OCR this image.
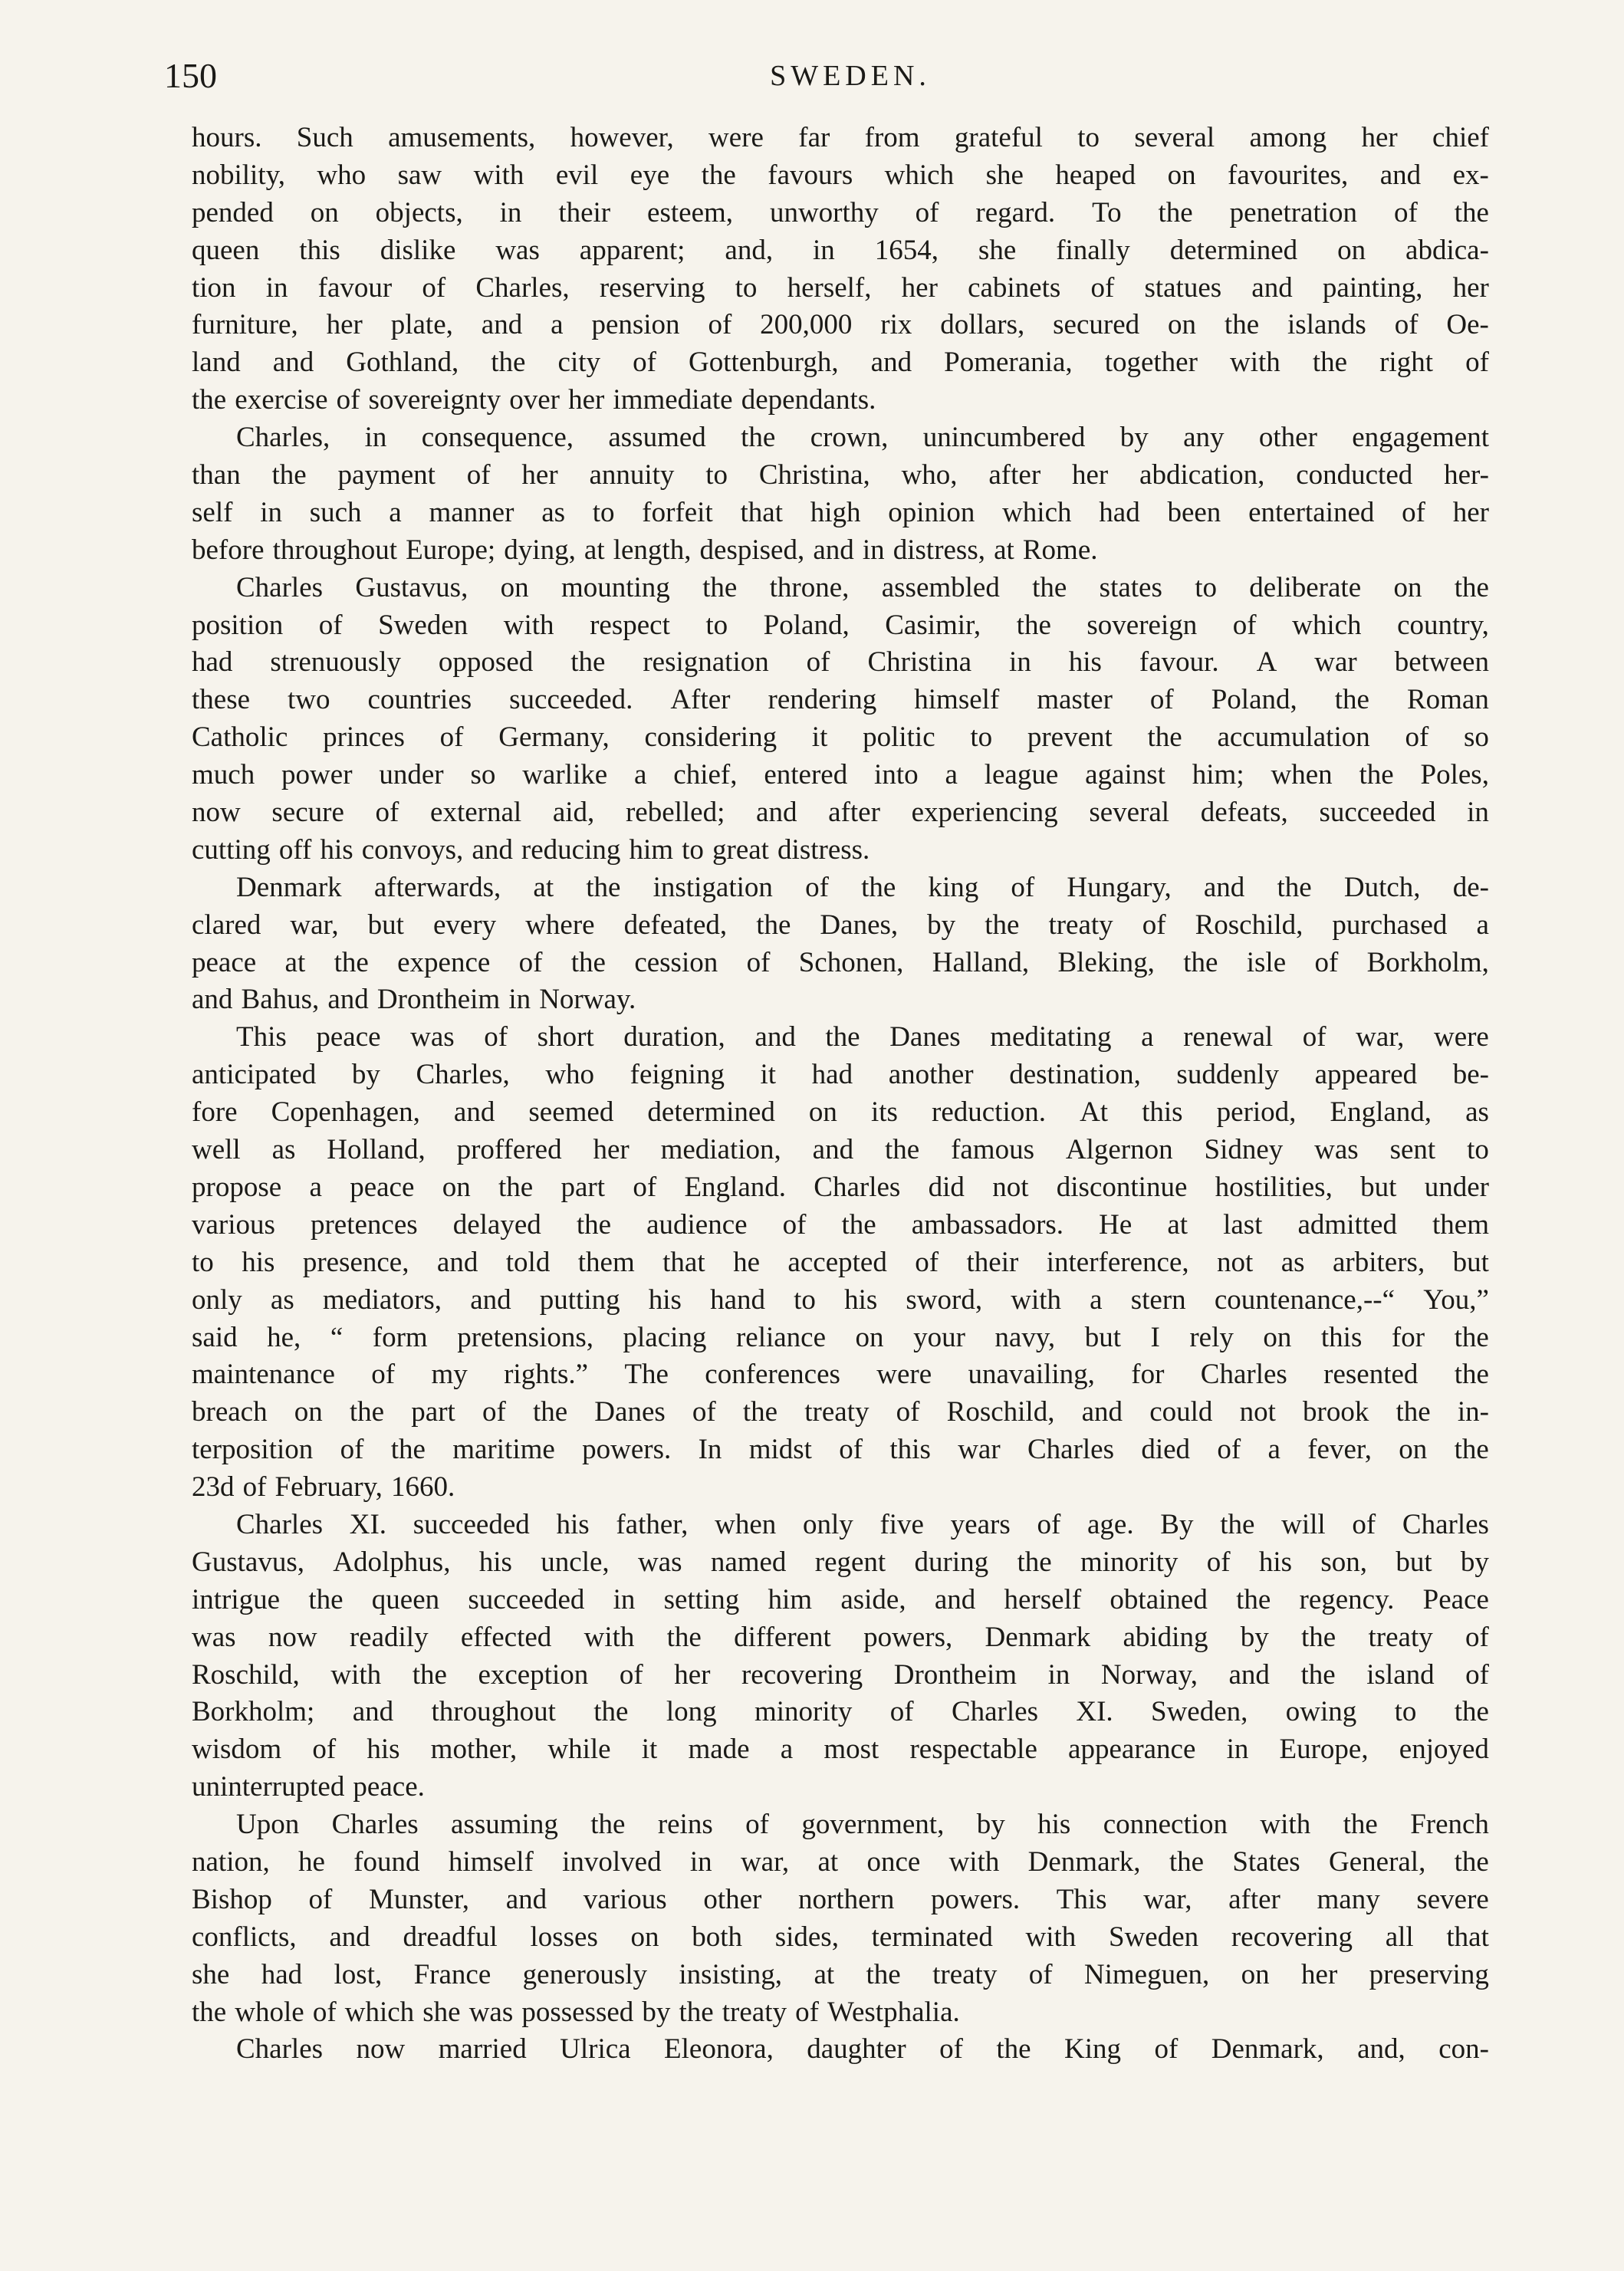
150	SWEDEN.
hours. Such amusements, however, were far from grateful to several among her chief
nobility, who saw with evil eye the favours which she heaped on favourites, and ex-
pended on objects, in their esteem, unworthy of regard. To the penetration of the
queen this dislike was apparent; and, in 1654, she finally determined on abdica-
tion in favour of Charles, reserving to herself, her cabinets of statues and painting, her
furniture, her plate, and a pension of 200,000 rix dollars, secured on the islands of Oe-
land and Gothland, the city of Gottenburgh, and Pomerania, together with the right of
the exercise of sovereignty over her immediate dependants.
Charles, in consequence, assumed the crown, unincumbered by any other engagement
than the payment of her annuity to Christina, who, after her abdication, conducted her-
self in such a manner as to forfeit that high opinion which had been entertained of her
before throughout Europe; dying, at length, despised, and in distress, at Rome.
Charles Gustavus, on mounting the throne, assembled the states to deliberate on the
position of Sweden with respect to Poland, Casimir, the sovereign of which country,
had strenuously opposed the resignation of Christina in his favour. A war between
these two countries succeeded. After rendering himself master of Poland, the Roman
Catholic princes of Germany, considering it politic to prevent the accumulation of so
much power under so warlike a chief, entered into a league against him; when the Poles,
now secure of external aid, rebelled; and after experiencing several defeats, succeeded in
cutting off his convoys, and reducing him to great distress.
Denmark afterwards, at the instigation of the king of Hungary, and the Dutch, de-
clared war, but every where defeated, the Danes, by the treaty of Roschild, purchased a
peace at the expence of the cession of Schonen, Halland, Bleking, the isle of Borkholm,
and Bahus, and Drontheim in Norway.
This peace was of short duration, and the Danes meditating a renewal of war, were
anticipated by Charles, who feigning it had another destination, suddenly appeared be-
fore Copenhagen, and seemed determined on its reduction. At this period, England, as
well as Holland, proffered her mediation, and the famous Algernon Sidney was sent to
propose a peace on the part of England. Charles did not discontinue hostilities, but under
various pretences delayed the audience of the ambassadors. He at last admitted them
to his presence, and told them that he accepted of their interference, not as arbiters, but
only as mediators, and putting his hand to his sword, with a stern countenance,--“ You,”
said he, “ form pretensions, placing reliance on your navy, but I rely on this for the
maintenance of my rights.” The conferences were unavailing, for Charles resented the
breach on the part of the Danes of the treaty of Roschild, and could not brook the in-
terposition of the maritime powers. In midst of this war Charles died of a fever, on the
23d of February, 1660.
Charles XI. succeeded his father, when only five years of age. By the will of Charles
Gustavus, Adolphus, his uncle, was named regent during the minority of his son, but by
intrigue the queen succeeded in setting him aside, and herself obtained the regency. Peace
was now readily effected with the different powers, Denmark abiding by the treaty of
Roschild, with the exception of her recovering Drontheim in Norway, and the island of
Borkholm; and throughout the long minority of Charles XI. Sweden, owing to the
wisdom of his mother, while it made a most respectable appearance in Europe, enjoyed
uninterrupted peace.
Upon Charles assuming the reins of government, by his connection with the French
nation, he found himself involved in war, at once with Denmark, the States General, the
Bishop of Munster, and various other northern powers. This war, after many severe
conflicts, and dreadful losses on both sides, terminated with Sweden recovering all that
she had lost, France generously insisting, at the treaty of Nimeguen, on her preserving
the whole of which she was possessed by the treaty of Westphalia.
Charles now married Ulrica Eleonora, daughter of the King of Denmark, and, con-
